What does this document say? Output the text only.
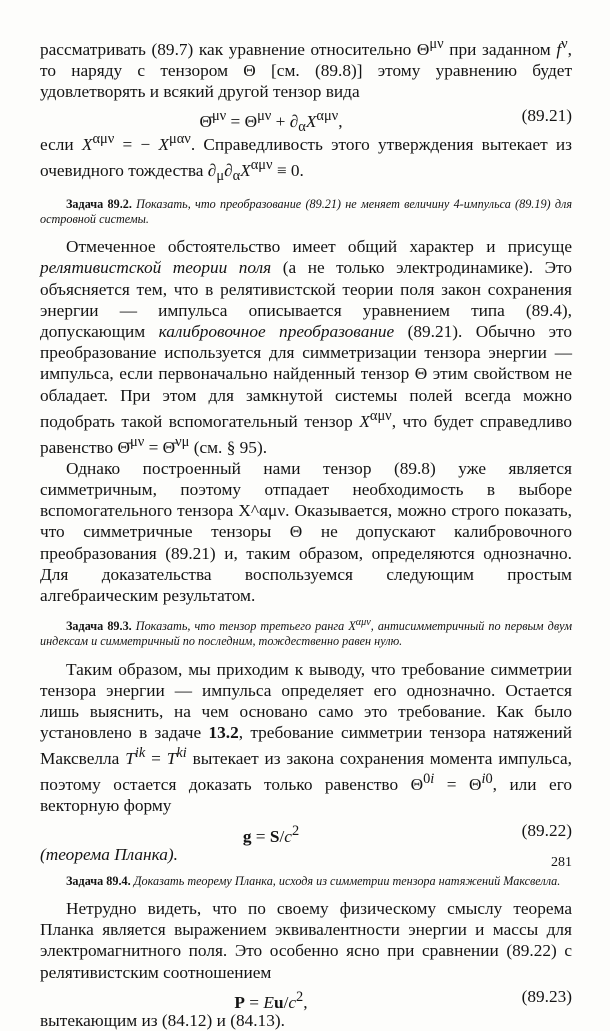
рассматривать (89.7) как уравнение относительно $\Theta^{\mu\nu}$ при заданном $f^\nu$, то наряду с тензором Θ [см. (89.8)] этому уравнению будет удовлетворять и всякий другой тензор вида

Θ̄$^{\mu\nu}$ = $\Theta^{\mu\nu} + \partial_\alpha X^{\alpha\mu\nu}$,	(89.21)

если $X^{\alpha\mu\nu}$ = − $X^{\mu\alpha\nu}$. Справедливость этого утверждения вытекает из очевидного тождества $\partial_\mu\partial_\alpha X^{\alpha\mu\nu} \equiv 0$.

Задача 89.2. Показать, что преобразование (89.21) не меняет величину 4-импульса (89.19) для островной системы.

Отмеченное обстоятельство имеет общий характер и присуще релятивистской теории поля (а не только электродинамике). Это объясняется тем, что в релятивистской теории поля закон сохранения энергии — импульса описывается уравнением типа (89.4), допускающим калибровочное преобразование (89.21). Обычно это преобразование используется для симметризации тензора энергии — импульса, если первоначально найденный тензор Θ этим свойством не обладает. При этом для замкнутой системы полей всегда можно подобрать такой вспомогательный тензор $X^{\alpha\mu\nu}$, что будет справедливо равенство Θ̄$^{\mu\nu}$ = Θ̄$^{\nu\mu}$ (см. § 95).

Однако построенный нами тензор (89.8) уже является симметричным, поэтому отпадает необходимость в выборе вспомогательного тензора X^αμν. Оказывается, можно строго показать, что симметричные тензоры Θ не допускают калибровочного преобразования (89.21) и, таким образом, определяются однозначно. Для доказательства воспользуемся следующим простым алгебраическим результатом.

Задача 89.3. Показать, что тензор третьего ранга $X^{\alpha\mu\nu}$, антисимметричный по первым двум индексам и симметричный по последним, тождественно равен нулю.

Таким образом, мы приходим к выводу, что требование симметрии тензора энергии — импульса определяет его однозначно. Остается лишь выяснить, на чем основано само это требование. Как было установлено в задаче 13.2, требование симметрии тензора натяжений Максвелла $T^{ik} = T^{ki}$ вытекает из закона сохранения момента импульса, поэтому остается доказать только равенство $\Theta^{0i} = \Theta^{i0}$, или его векторную форму

$g = S/c^2$	(89.22)

(теорема Планка).

Задача 89.4. Доказать теорему Планка, исходя из симметрии тензора натяжений Максвелла.

Нетрудно видеть, что по своему физическому смыслу теорема Планка является выражением эквивалентности энергии и массы для электромагнитного поля. Это особенно ясно при сравнении (89.22) с релятивистским соотношением

$P = Eu/c^2$,	(89.23)

вытекающим из (84.12) и (84.13).

281
